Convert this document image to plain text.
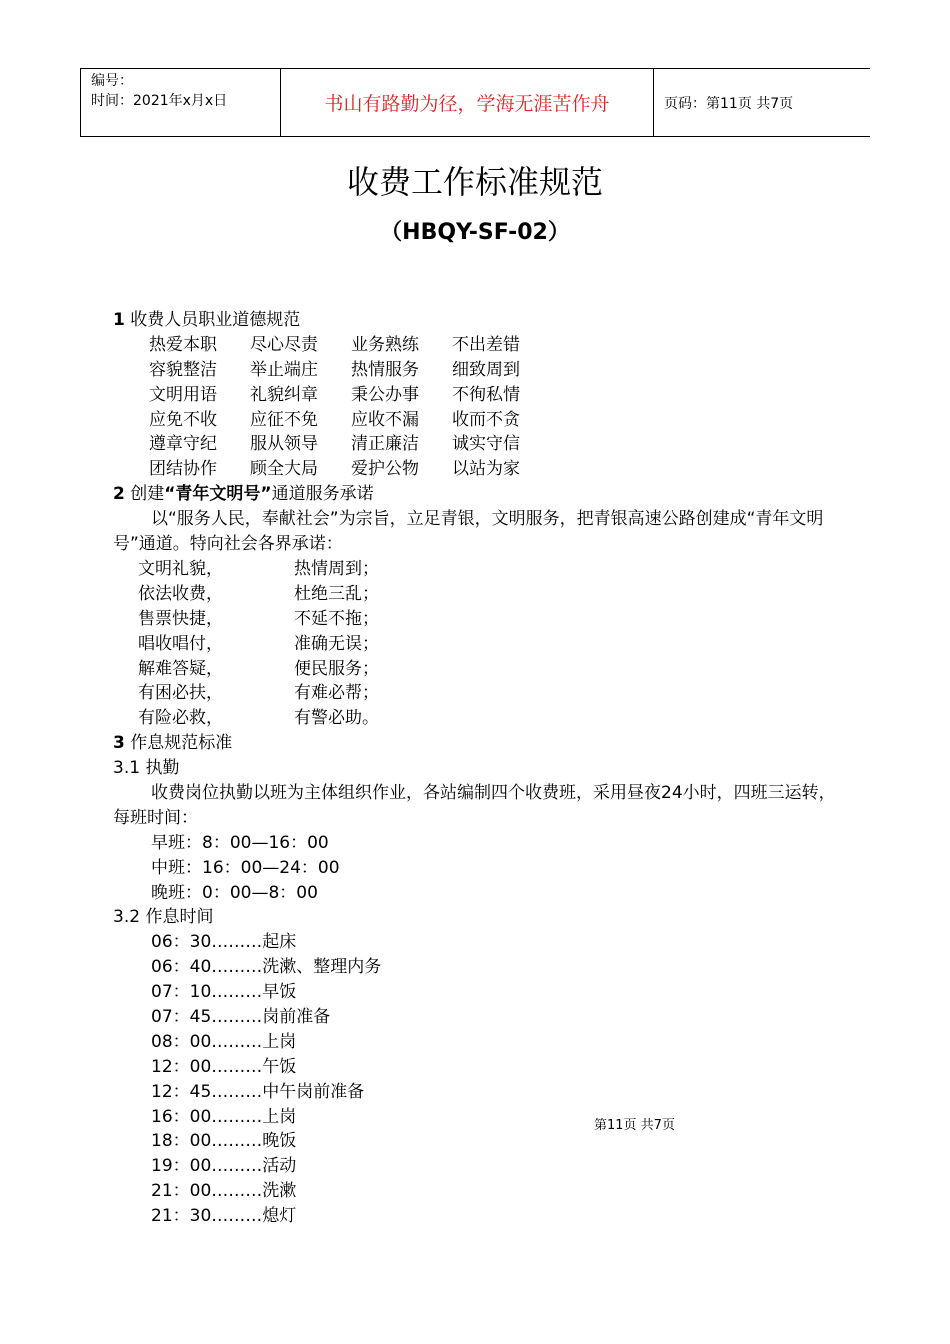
编号：
时间：2021年x月x日	书山有路勤为径，学海无涯苦作舟	页码：第11页 共7页
收费工作标准规范
（HBQY-SF-02）
1 收费人员职业道德规范
热爱本职 尽心尽责 业务熟练 不出差错
容貌整洁 举止端庄 热情服务 细致周到
文明用语 礼貌纠章 秉公办事 不徇私情
应免不收 应征不免 应收不漏 收而不贪
遵章守纪 服从领导 清正廉洁 诚实守信
团结协作 顾全大局 爱护公物 以站为家
2 创建“青年文明号”通道服务承诺
以“服务人民，奉献社会”为宗旨，立足青银，文明服务，把青银高速公路创建成“青年文明号”通道。特向社会各界承诺：
文明礼貌，	热情周到；
依法收费，	杜绝三乱；
售票快捷，	不延不拖；
唱收唱付，	准确无误；
解难答疑，	便民服务；
有困必扶，	有难必帮；
有险必救，	有警必助。
3 作息规范标准
3.1 执勤
收费岗位执勤以班为主体组织作业，各站编制四个收费班，采用昼夜24小时，四班三运转，每班时间：
早班：8：00—16：00
中班：16：00—24：00
晚班：0：00—8：00
3.2 作息时间
06：30………起床
06：40………洗漱、整理内务
07：10………早饭
07：45………岗前准备
08：00………上岗
12：00………午饭
12：45………中午岗前准备
16：00………上岗
18：00………晚饭
19：00………活动
21：00………洗漱
21：30………熄灯
第11页 共7页
